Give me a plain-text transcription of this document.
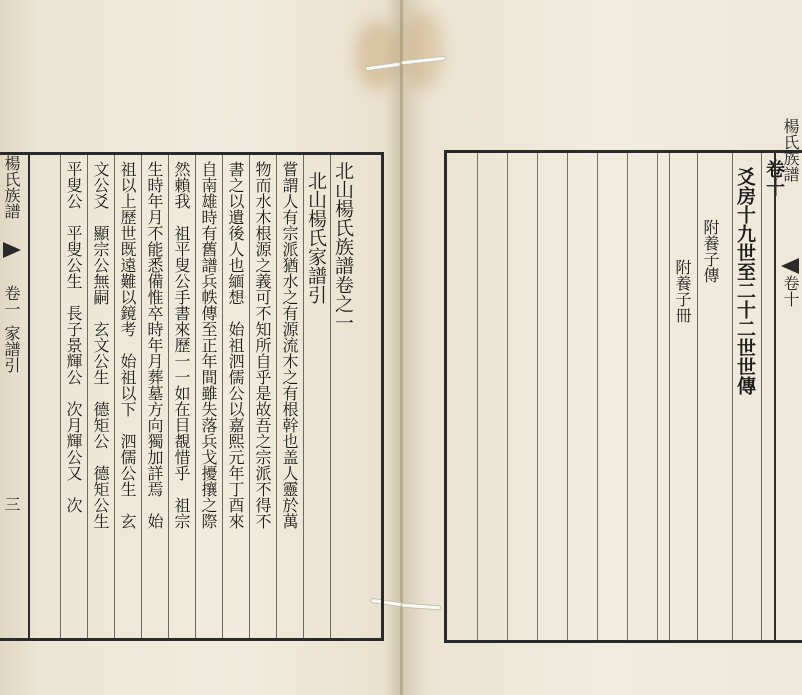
楊氏族譜
卷一
家譜引
三
北山楊氏族譜卷之一
北山楊氏家譜引
嘗謂人有宗派猶水之有源流木之有根幹也盖人靈於萬
物而水木根源之義可不知所自乎是故吾之宗派不得不
書之以遺後人也緬想　始祖泗儒公以嘉熙元年丁酉來
自南雄時有舊譜兵帙傳至正年間雖失落兵戈擾攘之際
然賴我　祖平叟公手書來歷一一如在目覩惜乎　祖宗
生時年月不能悉備惟卒時年月葬墓方向獨加詳焉　始
祖以上歷世既遠難以鏡考　始祖以下　泗儒公生　玄
文公爻　顯宗公無嗣　玄文公生　德矩公　德矩公生
平叟公　平叟公生　長子景輝公　次月輝公又　次	附養子冊
附養子傳 爻房十九世至二十二世世傳 卷十
楊氏族譜
卷十
